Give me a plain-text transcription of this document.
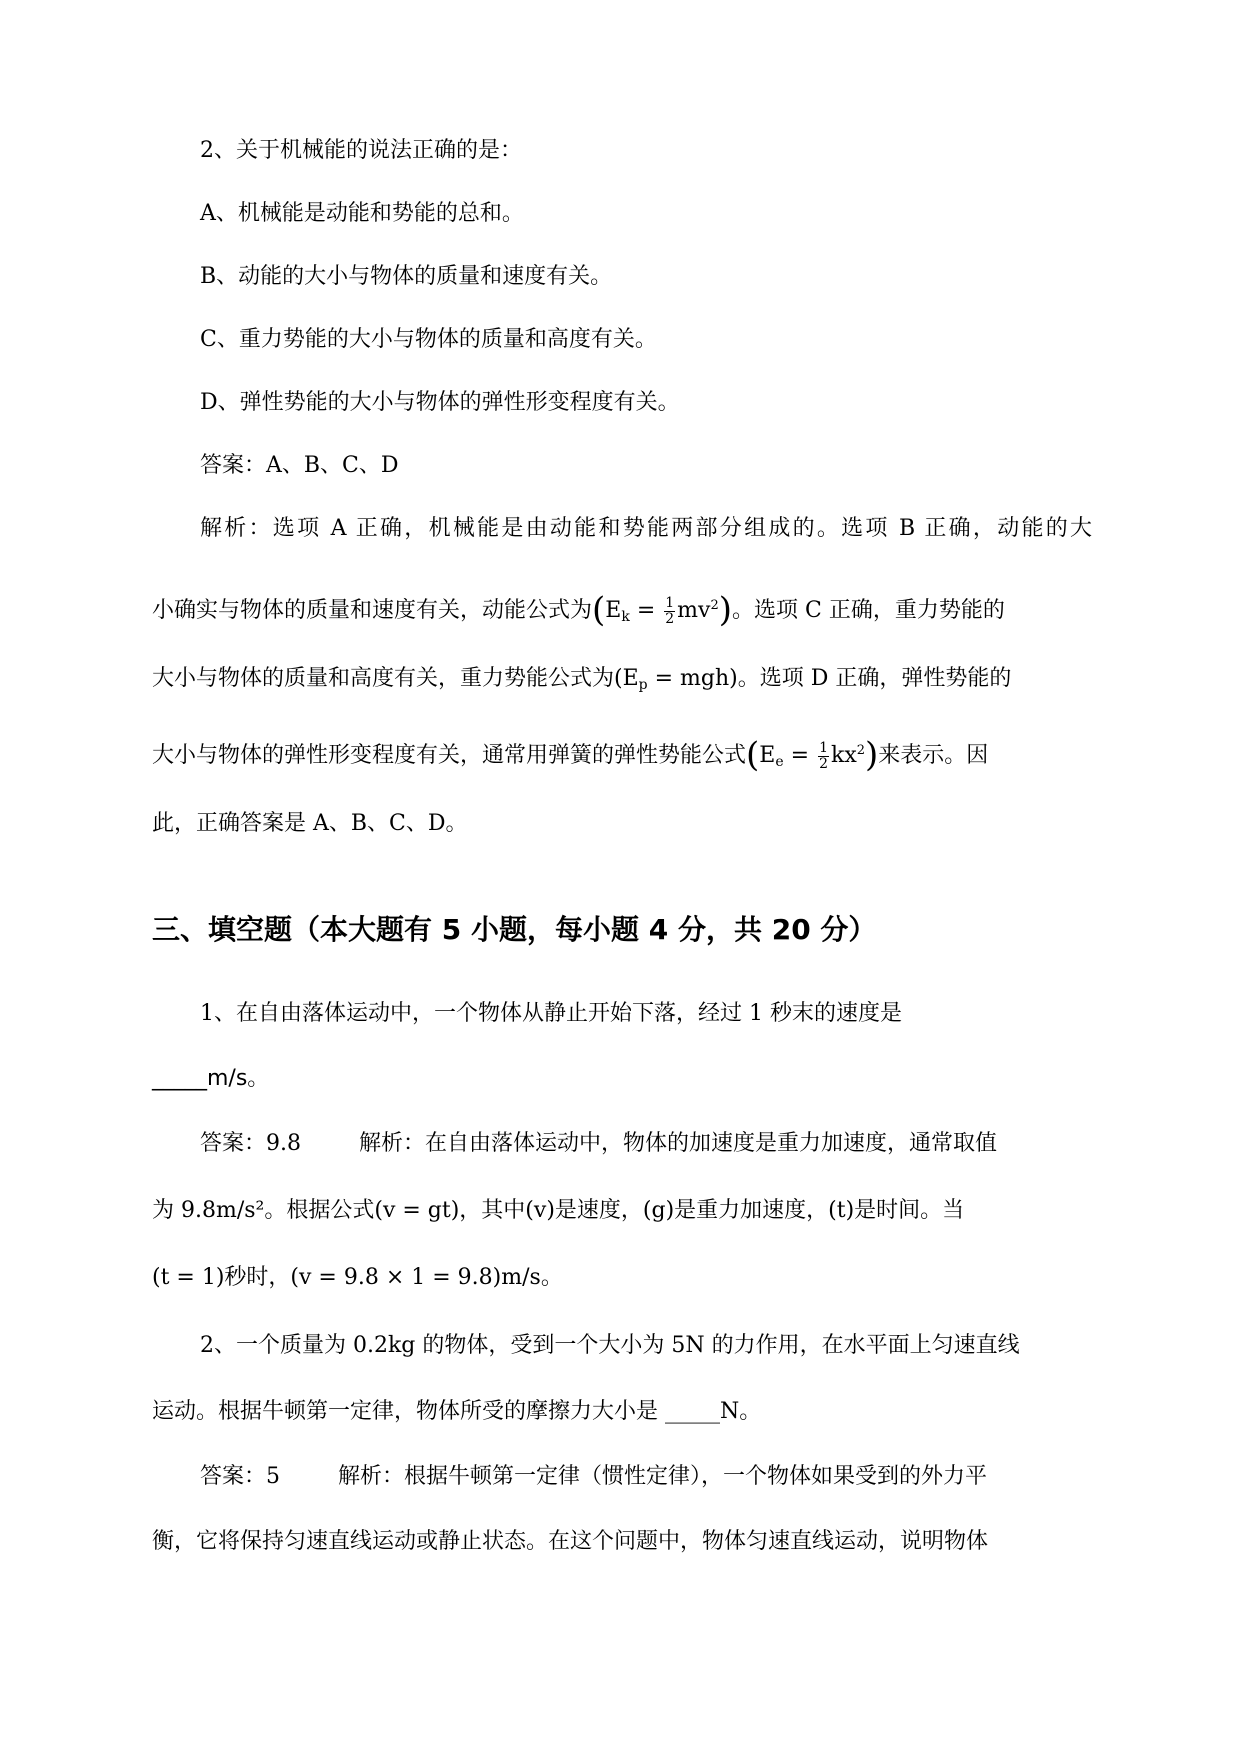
2、关于机械能的说法正确的是：
A、机械能是动能和势能的总和。
B、动能的大小与物体的质量和速度有关。
C、重力势能的大小与物体的质量和高度有关。
D、弹性势能的大小与物体的弹性形变程度有关。
答案：A、B、C、D
解析：选项 A 正确，机械能是由动能和势能两部分组成的。选项 B 正确，动能的大
小确实与物体的质量和速度有关，动能公式为$(E_k = \frac{1}{2} mv^2)$。选项 C 正确，重力势能的
大小与物体的质量和高度有关，重力势能公式为$(E_p = mgh)$。选项 D 正确，弹性势能的
大小与物体的弹性形变程度有关，通常用弹簧的弹性势能公式$(E_e = \frac{1}{2} kx^2)$来表示。因
此，正确答案是 A、B、C、D。
三、填空题（本大题有 5 小题，每小题 4 分，共 20 分）
1、在自由落体运动中，一个物体从静止开始下落，经过 1 秒末的速度是
_____m/s。
答案：9.8	解析：在自由落体运动中，物体的加速度是重力加速度，通常取值
为 9.8m/s²。根据公式(v = gt)，其中(v)是速度，(g)是重力加速度，(t)是时间。当
(t = 1)秒时，(v = 9.8 × 1 = 9.8)m/s。
2、一个质量为 0.2kg 的物体，受到一个大小为 5N 的力作用，在水平面上匀速直线
运动。根据牛顿第一定律，物体所受的摩擦力大小是 _____N。
答案：5	解析：根据牛顿第一定律（惯性定律），一个物体如果受到的外力平
衡，它将保持匀速直线运动或静止状态。在这个问题中，物体匀速直线运动，说明物体
